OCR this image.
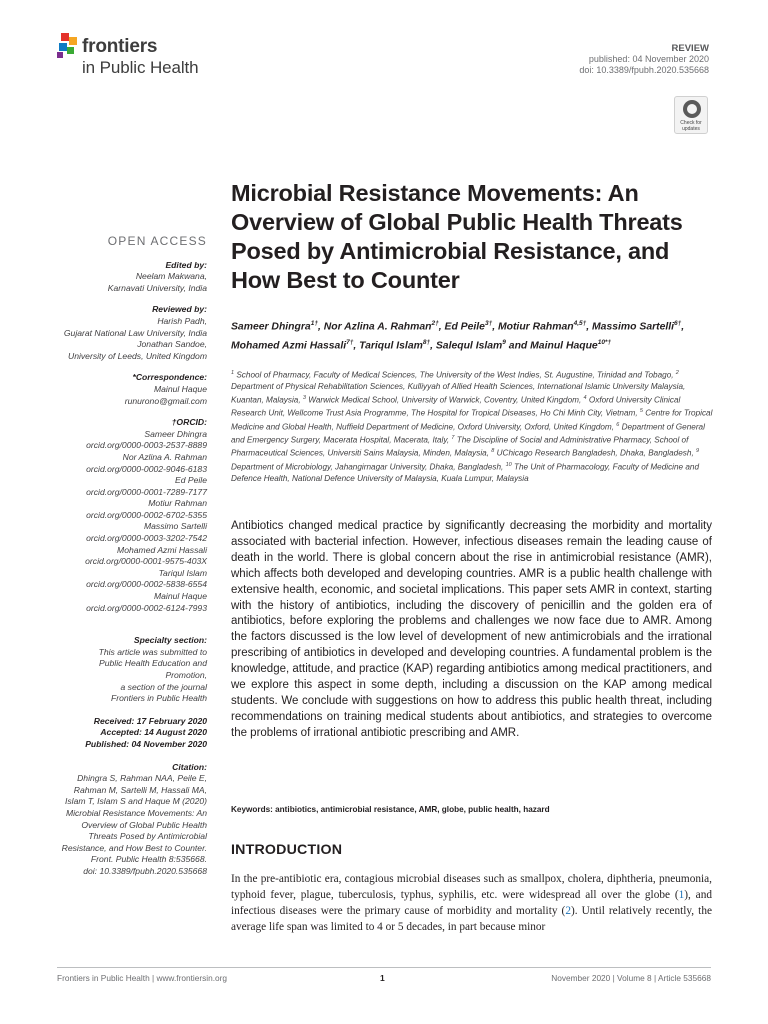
frontiers
in Public Health
REVIEW
published: 04 November 2020
doi: 10.3389/fpubh.2020.535668
Check for updates
OPEN ACCESS
Edited by:
Neelam Makwana,
Karnavati University, India
Reviewed by:
Harish Padh,
Gujarat National Law University, India
Jonathan Sandoe,
University of Leeds, United Kingdom
*Correspondence:
Mainul Haque
runurono@gmail.com
†ORCID:
Sameer Dhingra
orcid.org/0000-0003-2537-8889
Nor Azlina A. Rahman
orcid.org/0000-0002-9046-6183
Ed Peile
orcid.org/0000-0001-7289-7177
Motiur Rahman
orcid.org/0000-0002-6702-5355
Massimo Sartelli
orcid.org/0000-0003-3202-7542
Mohamed Azmi Hassali
orcid.org/0000-0001-9575-403X
Tariqul Islam
orcid.org/0000-0002-5838-6554
Mainul Haque
orcid.org/0000-0002-6124-7993
Specialty section:
This article was submitted to
Public Health Education and
Promotion,
a section of the journal
Frontiers in Public Health
Received: 17 February 2020
Accepted: 14 August 2020
Published: 04 November 2020
Citation:
Dhingra S, Rahman NAA, Peile E,
Rahman M, Sartelli M, Hassali MA,
Islam T, Islam S and Haque M (2020)
Microbial Resistance Movements: An
Overview of Global Public Health
Threats Posed by Antimicrobial
Resistance, and How Best to Counter.
Front. Public Health 8:535668.
doi: 10.3389/fpubh.2020.535668
Microbial Resistance Movements: An Overview of Global Public Health Threats Posed by Antimicrobial Resistance, and How Best to Counter
Sameer Dhingra$^{1\dagger}$, Nor Azlina A. Rahman$^{2\dagger}$, Ed Peile$^{3\dagger}$, Motiur Rahman$^{4,5\dagger}$, Massimo Sartelli$^{6\dagger}$, Mohamed Azmi Hassali$^{7\dagger}$, Tariqul Islam$^{8\dagger}$, Salequl Islam$^9$ and Mainul Haque$^{10*\dagger}$
$^1$ School of Pharmacy, Faculty of Medical Sciences, The University of the West Indies, St. Augustine, Trinidad and Tobago, $^2$ Department of Physical Rehabilitation Sciences, Kulliyyah of Allied Health Sciences, International Islamic University Malaysia, Kuantan, Malaysia, $^3$ Warwick Medical School, University of Warwick, Coventry, United Kingdom, $^4$ Oxford University Clinical Research Unit, Wellcome Trust Asia Programme, The Hospital for Tropical Diseases, Ho Chi Minh City, Vietnam, $^5$ Centre for Tropical Medicine and Global Health, Nuffield Department of Medicine, Oxford University, Oxford, United Kingdom, $^6$ Department of General and Emergency Surgery, Macerata Hospital, Macerata, Italy, $^7$ The Discipline of Social and Administrative Pharmacy, School of Pharmaceutical Sciences, Universiti Sains Malaysia, Minden, Malaysia, $^8$ UChicago Research Bangladesh, Dhaka, Bangladesh, $^9$ Department of Microbiology, Jahangirnagar University, Dhaka, Bangladesh, $^{10}$ The Unit of Pharmacology, Faculty of Medicine and Defence Health, National Defence University of Malaysia, Kuala Lumpur, Malaysia
Antibiotics changed medical practice by significantly decreasing the morbidity and mortality associated with bacterial infection. However, infectious diseases remain the leading cause of death in the world. There is global concern about the rise in antimicrobial resistance (AMR), which affects both developed and developing countries. AMR is a public health challenge with extensive health, economic, and societal implications. This paper sets AMR in context, starting with the history of antibiotics, including the discovery of penicillin and the golden era of antibiotics, before exploring the problems and challenges we now face due to AMR. Among the factors discussed is the low level of development of new antimicrobials and the irrational prescribing of antibiotics in developed and developing countries. A fundamental problem is the knowledge, attitude, and practice (KAP) regarding antibiotics among medical practitioners, and we explore this aspect in some depth, including a discussion on the KAP among medical students. We conclude with suggestions on how to address this public health threat, including recommendations on training medical students about antibiotics, and strategies to overcome the problems of irrational antibiotic prescribing and AMR.
Keywords: antibiotics, antimicrobial resistance, AMR, globe, public health, hazard
INTRODUCTION
In the pre-antibiotic era, contagious microbial diseases such as smallpox, cholera, diphtheria, pneumonia, typhoid fever, plague, tuberculosis, typhus, syphilis, etc. were widespread all over the globe (1), and infectious diseases were the primary cause of morbidity and mortality (2). Until relatively recently, the average life span was limited to 4 or 5 decades, in part because minor
Frontiers in Public Health | www.frontiersin.org	1	November 2020 | Volume 8 | Article 535668
